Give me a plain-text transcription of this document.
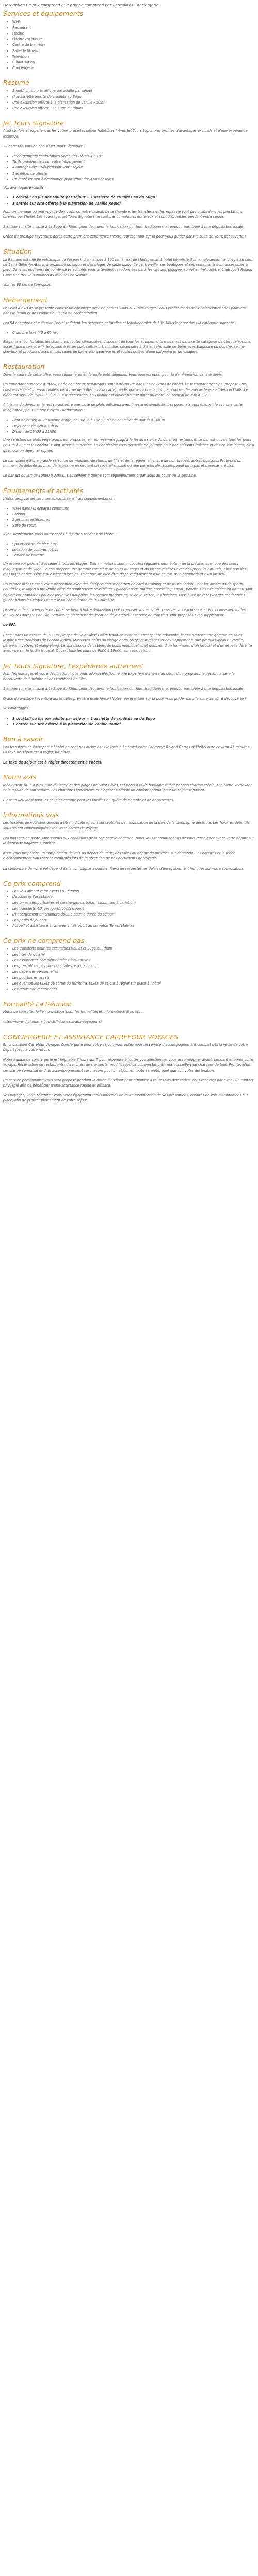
Description Ce prix comprend / Ce prix ne comprend pas Formalités Conciergerie
Services et équipements
• Wi-Fi
• Restaurant
• Piscine
• Piscine extérieure
• Centre de bien-être
• Salle de fitness
• Télévision
• Climatisation
• Conciergerie
Résumé
• 1 nuit/nuit du prix affiché par adulte par séjour
• Une assiette offerte de crudités au Sugo
• Une excursion offerte à la plantation de vanille Roulof
• Une excursion offerte : Le Sugo du Rhum
Jet Tours Signature

Allez confort et expériences les votres précédes séjour habituiter ! Avec Jet Tours Signature, profitez d'avantages exclusifs et d'une expérience inclusive.

3 bonnes raisons de choisir Jet Tours Signature :

• Hébergements confortables (avec des Hôtels 4 ou 5*
• Tarifs préférentiels sur votre hébergement
• Avantages exclusifs pendant votre séjour
• 1 expérience offerte
• Un représentant à destination pour répondre à vos besoins

Vos avantages exclusifs :

• 1 cocktail ou jus par adulte par séjour + 1 assiette de crudités au du Sugo
• 1 entrée sur site offerte à la plantation de vanille Roulof

Pour un mariage ou une voyage de noces, ou notre cadeau de la chambre, les transferts et les repas ne sont pas inclus dans les prestations offertes par l'hôtel. Les avantages Jet Tours Signature ne sont pas cumulables entre eux et sont disponibles pendant votre séjour.

1 entrée sur site incluse à Le Sugo du Rhum pour découvrir la fabrication du rhum traditionnel et pouvoir participer à une dégustation locale.

Grâce du prestige l'aventure après cette première expérience ! Votre représentant sur la pour vous guider dans la suite de votre découverte !

Situation

La Réunion est une île volcanique de l'océan Indien, située à 800 km à l'est de Madagascar. L'hôtel bénéficie d'un emplacement privilégié au cœur de Saint-Gilles-les-Bains, à proximité du lagon et des plages de sable blanc. Le centre-ville, ses boutiques et ses restaurants sont accessibles à pied. Dans les environs, de nombreuses activités vous attendent : randonnées dans les cirques, plongée, survol en hélicoptère. L'aéroport Roland Garros se trouve à environ 45 minutes en voiture.

Voir les 60 km de l'aéroport.

Hébergement

Le Saint Alexis 4* se présente comme un complexe avec de petites villas aux toits rouges. Vous profiterez du doux balancement des palmiers dans le jardin et des vagues du lagon de l'océan Indien.

Les 54 chambres et suites de l'hôtel reflètent les richesses naturelles et traditionnelles de l'île. Vous logerez dans la catégorie suivante :

• Chambre luxe (40 à 65 m²)

Élégante et confortable, les chambres, toutes climatisées, disposent de tous les équipements modernes dans cette catégorie d'hôtel : téléphone, accès ligne Internet wifi, télévision à écran plat, coffre-fort, minibar, nécessaire à thé et café, salle de bains avec baignoire ou douche, sèche-cheveux et produits d'accueil. Les salles de bains sont spacieuses et toutes dotées d'une baignoire et de vasques.

Restauration

Dans le cadre de cette offre, vous séjournerez en formule petit déjeuner. Vous pourrez opter pour la demi-pension dans le devis.

Un important nuance est établi, et de nombreux restaurants sont à découvrir dans les environs de l'hôtel. Le restaurant principal propose une cuisine créole et internationale sous forme de buffet ou à la carte, tandis que le bar de la piscine propose des en-cas légers et des cocktails. Le dîner est servi de 19h00 à 22h30, sur réservation. Le Trikolor est ouvert pour le dîner du mardi au samedi de 19h à 22h.

À l'heure du déjeuner, le restaurant offre une carte de plats délicieux avec finesse et simplicité. Les gourmets apprécieront le soir une carte imaginative, pour un prix moyen - dégustation :

• Petit déjeuner, au deuxième étage, de 06h30 à 10h30, ou en chambre de 06h30 à 10h30
• Déjeuner : de 12h à 13h30
• Dîner : de 19h00 à 21h30

Une sélection de plats végétariens est proposée, en room-service jusqu'à la fin du service du dîner au restaurant. Le bar est ouvert tous les jours de 10h à 23h et les cocktails sont servis à la piscine. Le bar piscine vous accueille en journée pour des boissons fraîches et des en-cas légers, ainsi que pour un déjeuner rapide.

Le bar dispose d'une grande sélection de whiskies, de rhums de l'île et de la région, ainsi que de nombreuses autres boissons. Profitez d'un moment de détente au bord de la piscine en sirotant un cocktail maison ou une bière locale, accompagné de tapas et d'en-cas créoles.

Le bar est ouvert de 10h00 à 23h00. Des soirées à thème sont régulièrement organisées au cours de la semaine.

Équipements et activités

L'hôtel propose les services suivants sans frais supplémentaires :

• Wi-Fi dans les espaces communs
• Parking
• 2 piscines extérieures
• Salle de sport

Avec supplément, vous aurez accès à d'autres services de l'hôtel :

• Spa et centre de bien-être
• Location de voitures, vélos
• Service de navette

Un ascenseur permet d'accéder à tous les étages. Des animations sont proposées régulièrement autour de la piscine, ainsi que des cours d'aquagym et de yoga. Le spa propose une gamme complète de soins du corps et du visage réalisés avec des produits naturels, ainsi que des massages et des soins aux essences locales. Le centre de bien-être dispose également d'un sauna, d'un hammam et d'un jacuzzi.

Un espace fitness est à votre disposition avec des équipements modernes de cardio-training et de musculation. Pour les amateurs de sports nautiques, le lagon à proximité offre de nombreuses possibilités : plongée sous-marine, snorkeling, kayak, paddle. Des excursions en bateau sont également proposées pour observer les dauphins, les tortues marines et, selon la saison, les baleines. Possibilité de réserver des randonnées guidées dans les cirques et sur le volcan du Piton de la Fournaise.

Le service de conciergerie de l'hôtel se tient à votre disposition pour organiser vos activités, réserver vos excursions et vous conseiller sur les meilleures adresses de l'île. Service de blanchisserie, location de matériel et service de transfert sont proposés avec supplément.

Le SPA

Conçu dans un espace de 500 m², le spa de Saint Alexis offre tradition avec son atmosphère relaxante, le spa propose une gamme de soins inspirés des traditions de l'océan Indien. Massages, soins du visage et du corps, gommages et enveloppements aux produits locaux : vanille, géranium, vétiver et ylang-ylang. Le spa dispose de cabines de soins individuelles et doubles, d'un hammam, d'un jacuzzi et d'un espace détente avec vue sur le jardin tropical. Ouvert tous les jours de 9h00 à 19h00, sur réservation.

Jet Tours Signature, l'expérience autrement

Pour les mariages et votre destination, nous vous avons sélectionné une expérience à vivre au cœur d'un programme personnalisé à la découverte de l'histoire et des traditions de l'île.

1 entrée sur site incluse à Le Sugo du Rhum pour découvrir la fabrication du rhum traditionnel et pouvoir participer à une dégustation locale.

Grâce du prestige l'aventure après cette première expérience ! Votre représentant sur la pour vous guider dans la suite de votre découverte !

Vos avantages :

• 1 cocktail ou jus par adulte par séjour + 1 assiette de crudités au du Sugo
• 1 entrée sur site offerte à la plantation de vanille Roulof
Bon à savoir

Les transferts de l'aéroport à l'hôtel ne sont pas inclus dans le forfait. Le trajet entre l'aéroport Roland Garros et l'hôtel dure environ 45 minutes. La taxe de séjour est à régler sur place.

La taxe de séjour est à régler directement à l'hôtel.

Notre avis

Idéalement situé à proximité du lagon et des plages de Saint-Gilles, cet hôtel à taille humaine séduit par son charme créole, son cadre verdoyant et la qualité de son service. Les chambres spacieuses et élégantes offrent un confort optimal pour un séjour reposant.

C'est un lieu idéal pour les couples comme pour les familles en quête de détente et de découvertes.

Informations vols

Les horaires de vols sont donnés à titre indicatif et sont susceptibles de modification de la part de la compagnie aérienne. Les horaires définitifs vous seront communiqués avec votre carnet de voyage.

Les bagages en soute sont soumis aux conditions de la compagnie aérienne. Nous vous recommandons de vous renseigner avant votre départ sur la franchise bagages autorisée.

Nous vous proposons un complément de vols au départ de Paris, des villes au départ de province sur demande. Les horaires et la mode d'acheminement vous seront confirmés lors de la réception de vos documents de voyage.

La conformité de votre vol dépend de la compagnie aérienne. Merci de respecter les délais d'enregistrement indiqués sur votre convocation.

Ce prix comprend
• Les vols aller et retour vers La Réunion
• L'accueil et l'assistance
• Les taxes aéroportuaires et surcharges carburant (soumises à variation)
• Les transferts A/R aéroport/hôtel/aéroport
• L'hébergement en chambre double pour la durée du séjour
• Les petits déjeuners
• Accueil et assistance à l'arrivée à l'aéroport au comptoir Terres Malines
Ce prix ne comprend pas
• Les transferts pour les excursions Roulof et Sugo du Rhum
• Les frais de dossier
• Les assurances complémentaires facultatives
• Les prestations payantes (activités, excursions...)
• Les dépenses personnelles
• Les pourboires usuels
• Les éventuelles taxes de sortie du territoire, taxes de séjour à régler sur place à l'hôtel
• Les repas non mentionnés
Formalité La Réunion

Merci de consulter le lien ci-dessous pour les formalités et informations diverses :

https://www.diplomatie.gouv.fr/fr/conseils-aux-voyageurs/

CONCIERGERIE ET ASSISTANCE CARREFOUR VOYAGES

En choisissant Carrefour Voyages Conciergerie pour votre séjour, vous optez pour un service d'accompagnement complet dès la veille de votre départ jusqu'à votre retour.

Notre équipe de conciergerie est joignable 7 jours sur 7 pour répondre à toutes vos questions et vous accompagner avant, pendant et après votre voyage. Réservation de restaurants, d'activités, de transferts, modification de vos prestations : nos conseillers se chargent de tout. Profitez d'un service personnalisé et d'un accompagnement sur mesure pour un séjour en toute sérénité, quel que soit votre destination.

Un service personnalisé vous sera proposé pendant la durée du séjour pour répondre à toutes vos demandes. Vous recevrez par e-mail un contact privilégié afin de bénéficier d'une assistance rapide et efficace.

Vos voyages, votre sérénité : vous serez également tenus informés de toute modification de vos prestations, horaires de vols ou conditions sur place, afin de profiter pleinement de votre séjour.
